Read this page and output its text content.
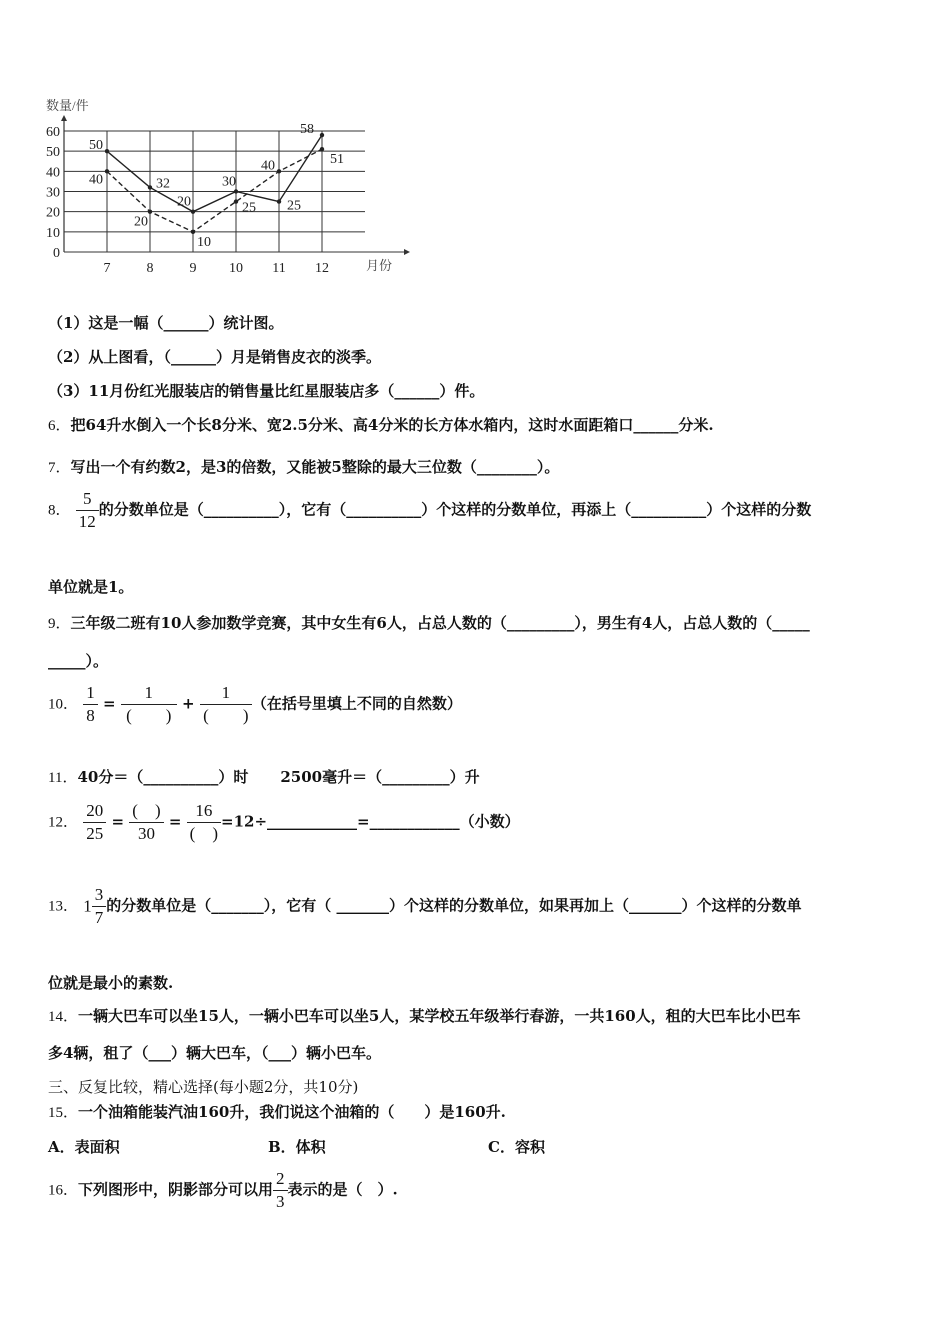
数量/件
0
10
20
30
40
50
60
7	8	9 10 11 12
50
32
20
30
25
58
40
20
10
25
40	51
月份
（1）这是一幅（______）统计图。
（2）从上图看，（______）月是销售皮衣的淡季。
（3）11月份红光服装店的销售量比红星服装店多（______）件。
6．把64升水倒入一个长8分米、宽2.5分米、高4分米的长方体水箱内，这时水面距箱口______分米.
7．写出一个有约数2，是3的倍数，又能被5整除的最大三位数（________）。
8． $\frac{5}{12}$ 的分数单位是（__________），它有（__________）个这样的分数单位，再添上（__________）个这样的分数
单位就是1。
9．三年级二班有10人参加数学竞赛，其中女生有6人，占总人数的（_________），男生有4人，占总人数的（_____
_____）。
10． $\frac{1}{8} = \frac{1}{( )} + \frac{1}{( )}$ （在括号里填上不同的自然数）
11．40分＝（__________）时 2500毫升＝（_________）升
12． $\frac{20}{25} = \frac{( )}{30} = \frac{16}{( )}$ =12÷____________=____________（小数）
13． $1 \frac{3}{7}$ 的分数单位是（_______），它有（ _______）个这样的分数单位，如果再加上（_______）个这样的分数单
位就是最小的素数.
14．一辆大巴车可以坐15人，一辆小巴车可以坐5人，某学校五年级举行春游，一共160人，租的大巴车比小巴车
多4辆，租了（___）辆大巴车，（___）辆小巴车。
三、反复比较，精心选择(每小题2分，共10分)
15．一个油箱能装汽油160升，我们说这个油箱的（　　）是160升.
A．表面积	B．体积	C．容积
16．下列图形中，阴影部分可以用 $\frac{2}{3}$ 表示的是（　）.
